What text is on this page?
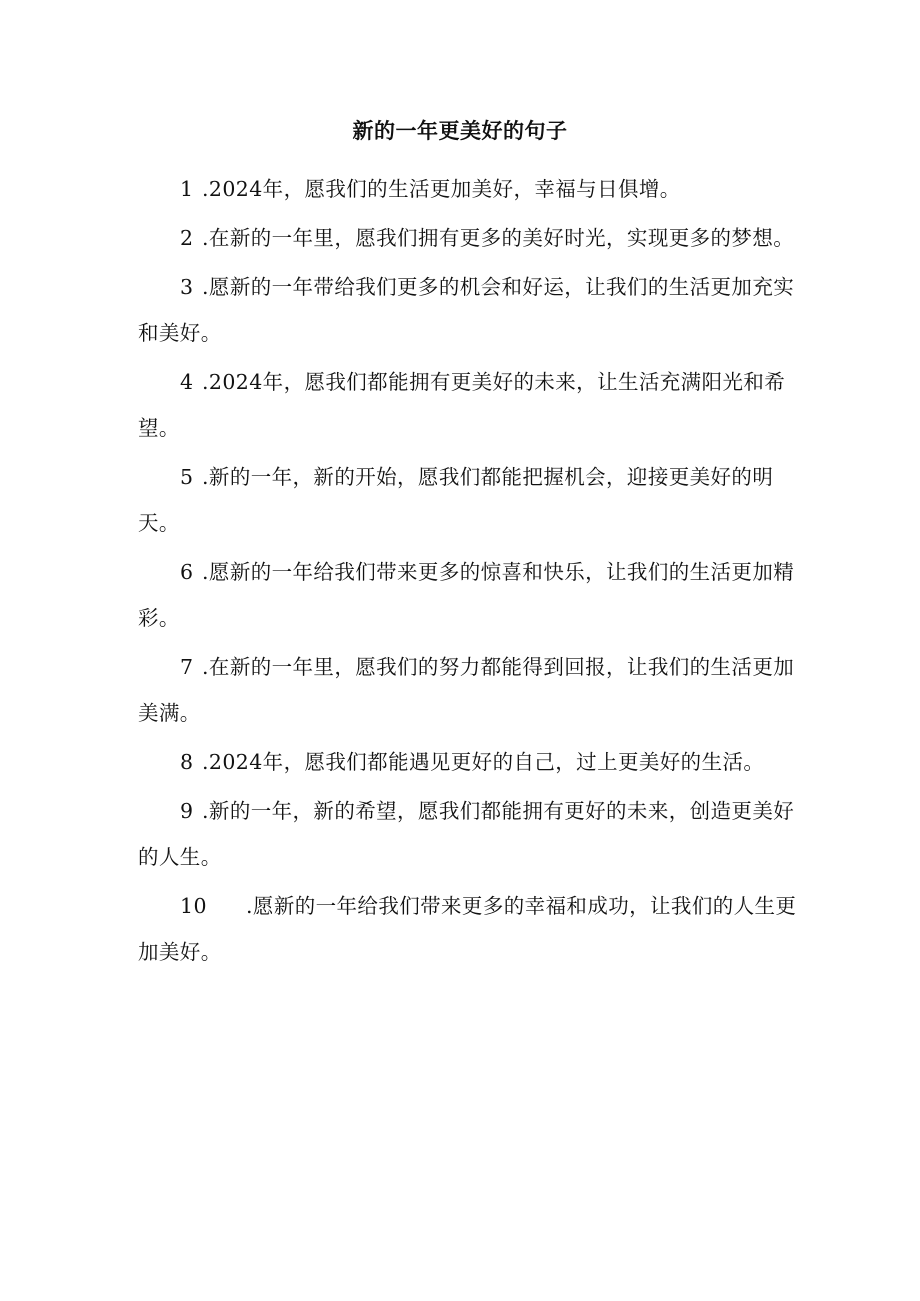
新的一年更美好的句子
1 .2024年，愿我们的生活更加美好，幸福与日俱增。
2 .在新的一年里，愿我们拥有更多的美好时光，实现更多的梦想。
3 .愿新的一年带给我们更多的机会和好运，让我们的生活更加充实和美好。
4 .2024年，愿我们都能拥有更美好的未来，让生活充满阳光和希望。
5 .新的一年，新的开始，愿我们都能把握机会，迎接更美好的明天。
6 .愿新的一年给我们带来更多的惊喜和快乐，让我们的生活更加精彩。
7 .在新的一年里，愿我们的努力都能得到回报，让我们的生活更加美满。
8 .2024年，愿我们都能遇见更好的自己，过上更美好的生活。
9 .新的一年，新的希望，愿我们都能拥有更好的未来，创造更美好的人生。
10 .愿新的一年给我们带来更多的幸福和成功，让我们的人生更加美好。
